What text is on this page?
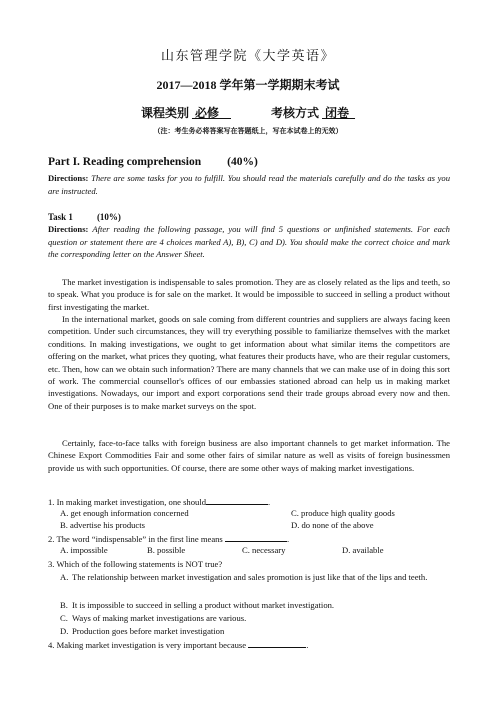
山东管理学院《大学英语》
2017—2018 学年第一学期期末考试
课程类别 必修	考核方式 闭卷
（注：考生务必将答案写在答题纸上，写在本试卷上的无效）
Part I. Reading comprehension (40%)
Directions: There are some tasks for you to fulfill. You should read the materials carefully and do the tasks as you are instructed.
Task 1	(10%)
Directions: After reading the following passage, you will find 5 questions or unfinished statements. For each question or statement there are 4 choices marked A), B), C) and D). You should make the correct choice and mark the corresponding letter on the Answer Sheet.

The market investigation is indispensable to sales promotion. They are as closely related as the lips and teeth, so to speak. What you produce is for sale on the market. It would be impossible to succeed in selling a product without first investigating the market.

In the international market, goods on sale coming from different countries and suppliers are always facing keen competition. Under such circumstances, they will try everything possible to familiarize themselves with the market conditions. In making investigations, we ought to get information about what similar items the competitors are offering on the market, what prices they quoting, what features their products have, who are their regular customers, etc. Then, how can we obtain such information? There are many channels that we can make use of in doing this sort of work. The commercial counsellor's offices of our embassies stationed abroad can help us in making market investigations. Nowadays, our import and export corporations send their trade groups abroad every now and then. One of their purposes is to make market surveys on the spot.

Certainly, face-to-face talks with foreign business are also important channels to get market information. The Chinese Export Commodities Fair and some other fairs of similar nature as well as visits of foreign businessmen provide us with such opportunities. Of course, there are some other ways of making market investigations.

1. In making market investigation, one should	.
A. get enough information concerned	C. produce high quality goods
B. advertise his products	D. do none of the above
2. The word “indispensable” in the first line means	.
A. impossible	B. possible	C. necessary	D. available
3. Which of the following statements is NOT true?
A. The relationship between market investigation and sales promotion is just like that of the lips and teeth.
B. It is impossible to succeed in selling a product without market investigation.
C. Ways of making market investigations are various.
D. Production goes before market investigation
4. Making market investigation is very important because	.
